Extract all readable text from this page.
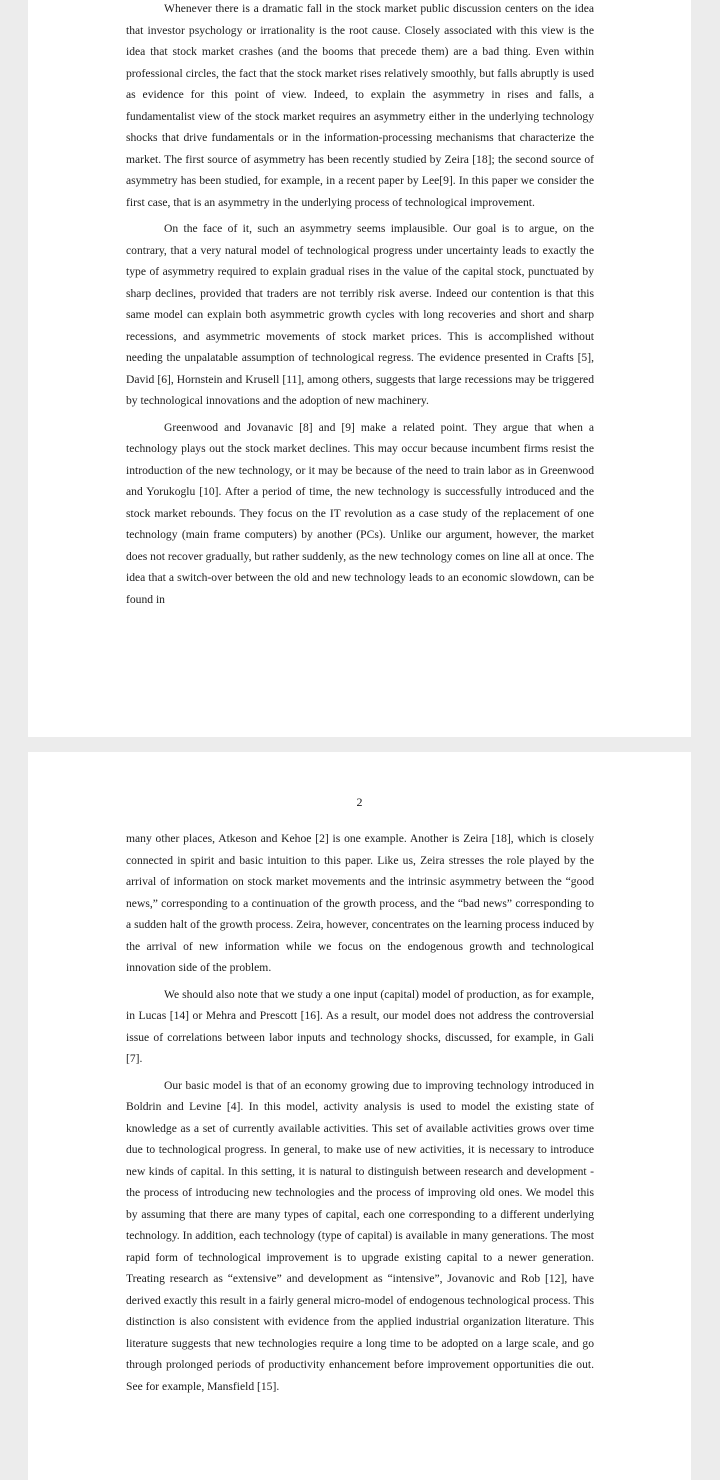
Whenever there is a dramatic fall in the stock market public discussion centers on the idea that investor psychology or irrationality is the root cause. Closely associated with this view is the idea that stock market crashes (and the booms that precede them) are a bad thing. Even within professional circles, the fact that the stock market rises relatively smoothly, but falls abruptly is used as evidence for this point of view. Indeed, to explain the asymmetry in rises and falls, a fundamentalist view of the stock market requires an asymmetry either in the underlying technology shocks that drive fundamentals or in the information-processing mechanisms that characterize the market. The first source of asymmetry has been recently studied by Zeira [18]; the second source of asymmetry has been studied, for example, in a recent paper by Lee[9]. In this paper we consider the first case, that is an asymmetry in the underlying process of technological improvement.

On the face of it, such an asymmetry seems implausible. Our goal is to argue, on the contrary, that a very natural model of technological progress under uncertainty leads to exactly the type of asymmetry required to explain gradual rises in the value of the capital stock, punctuated by sharp declines, provided that traders are not terribly risk averse. Indeed our contention is that this same model can explain both asymmetric growth cycles with long recoveries and short and sharp recessions, and asymmetric movements of stock market prices. This is accomplished without needing the unpalatable assumption of technological regress. The evidence presented in Crafts [5], David [6], Hornstein and Krusell [11], among others, suggests that large recessions may be triggered by technological innovations and the adoption of new machinery.

Greenwood and Jovanavic [8] and [9] make a related point. They argue that when a technology plays out the stock market declines. This may occur because incumbent firms resist the introduction of the new technology, or it may be because of the need to train labor as in Greenwood and Yorukoglu [10]. After a period of time, the new technology is successfully introduced and the stock market rebounds. They focus on the IT revolution as a case study of the replacement of one technology (main frame computers) by another (PCs). Unlike our argument, however, the market does not recover gradually, but rather suddenly, as the new technology comes on line all at once. The idea that a switch-over between the old and new technology leads to an economic slowdown, can be found in

2

many other places, Atkeson and Kehoe [2] is one example. Another is Zeira [18], which is closely connected in spirit and basic intuition to this paper. Like us, Zeira stresses the role played by the arrival of information on stock market movements and the intrinsic asymmetry between the “good news,” corresponding to a continuation of the growth process, and the “bad news” corresponding to a sudden halt of the growth process. Zeira, however, concentrates on the learning process induced by the arrival of new information while we focus on the endogenous growth and technological innovation side of the problem.

We should also note that we study a one input (capital) model of production, as for example, in Lucas [14] or Mehra and Prescott [16]. As a result, our model does not address the controversial issue of correlations between labor inputs and technology shocks, discussed, for example, in Gali [7].

Our basic model is that of an economy growing due to improving technology introduced in Boldrin and Levine [4]. In this model, activity analysis is used to model the existing state of knowledge as a set of currently available activities. This set of available activities grows over time due to technological progress. In general, to make use of new activities, it is necessary to introduce new kinds of capital. In this setting, it is natural to distinguish between research and development - the process of introducing new technologies and the process of improving old ones. We model this by assuming that there are many types of capital, each one corresponding to a different underlying technology. In addition, each technology (type of capital) is available in many generations. The most rapid form of technological improvement is to upgrade existing capital to a newer generation. Treating research as “extensive” and development as “intensive”, Jovanovic and Rob [12], have derived exactly this result in a fairly general micro-model of endogenous technological process. This distinction is also consistent with evidence from the applied industrial organization literature. This literature suggests that new technologies require a long time to be adopted on a large scale, and go through prolonged periods of productivity enhancement before improvement opportunities die out. See for example, Mansfield [15].
